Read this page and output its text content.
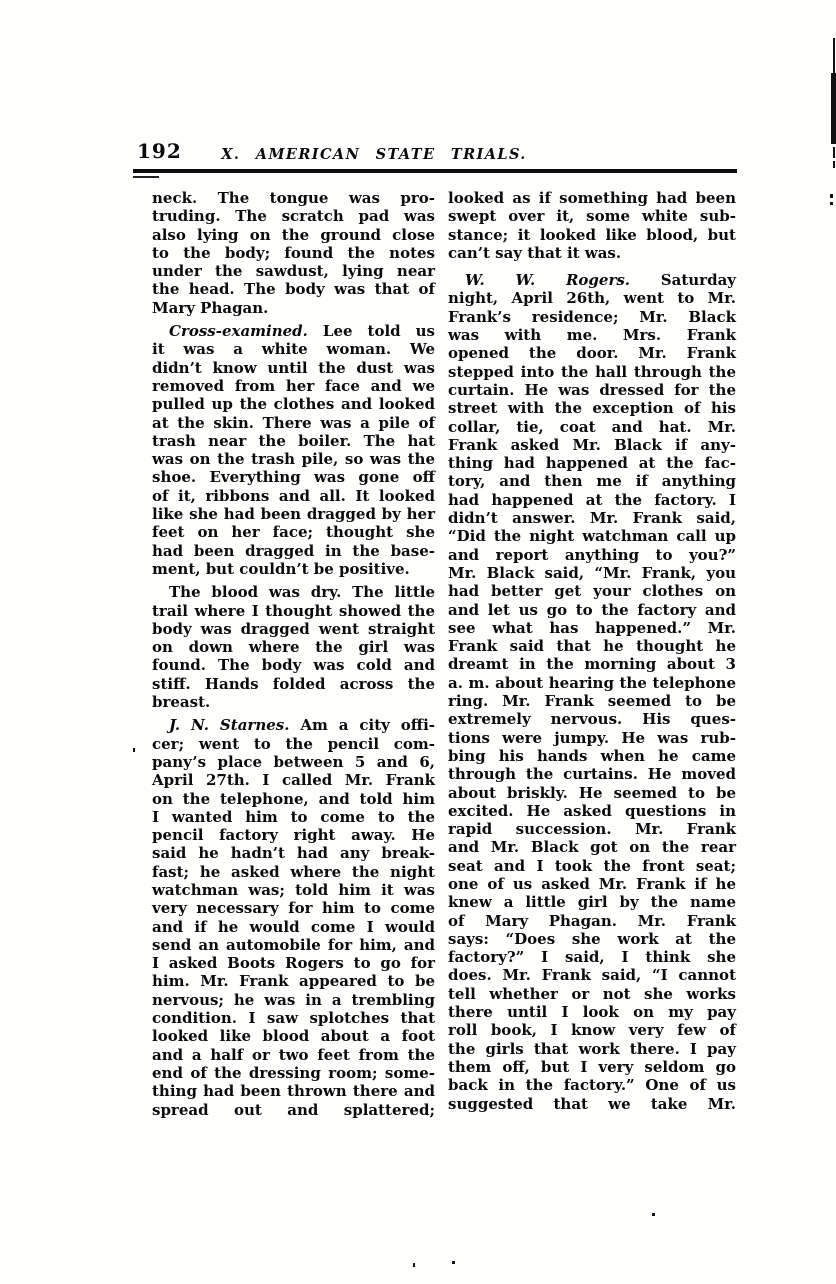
192	X. AMERICAN STATE TRIALS.
neck. The tongue was pro-
truding. The scratch pad was
also lying on the ground close
to the body; found the notes
under the sawdust, lying near
the head. The body was that of
Mary Phagan.
Cross-examined. Lee told us
it was a white woman. We
didn’t know until the dust was
removed from her face and we
pulled up the clothes and looked
at the skin. There was a pile of
trash near the boiler. The hat
was on the trash pile, so was the
shoe. Everything was gone off
of it, ribbons and all. It looked
like she had been dragged by her
feet on her face; thought she
had been dragged in the base-
ment, but couldn’t be positive.
The blood was dry. The little
trail where I thought showed the
body was dragged went straight
on down where the girl was
found. The body was cold and
stiff. Hands folded across the
breast.
J. N. Starnes. Am a city offi-
cer; went to the pencil com-
pany’s place between 5 and 6,
April 27th. I called Mr. Frank
on the telephone, and told him
I wanted him to come to the
pencil factory right away. He
said he hadn’t had any break-
fast; he asked where the night
watchman was; told him it was
very necessary for him to come
and if he would come I would
send an automobile for him, and
I asked Boots Rogers to go for
him. Mr. Frank appeared to be
nervous; he was in a trembling
condition. I saw splotches that
looked like blood about a foot
and a half or two feet from the
end of the dressing room; some-
thing had been thrown there and
spread out and splattered;
looked as if something had been
swept over it, some white sub-
stance; it looked like blood, but
can’t say that it was.
W. W. Rogers. Saturday
night, April 26th, went to Mr.
Frank’s residence; Mr. Black
was with me. Mrs. Frank
opened the door. Mr. Frank
stepped into the hall through the
curtain. He was dressed for the
street with the exception of his
collar, tie, coat and hat. Mr.
Frank asked Mr. Black if any-
thing had happened at the fac-
tory, and then me if anything
had happened at the factory. I
didn’t answer. Mr. Frank said,
“Did the night watchman call up
and report anything to you?”
Mr. Black said, “Mr. Frank, you
had better get your clothes on
and let us go to the factory and
see what has happened.” Mr.
Frank said that he thought he
dreamt in the morning about 3
a. m. about hearing the telephone
ring. Mr. Frank seemed to be
extremely nervous. His ques-
tions were jumpy. He was rub-
bing his hands when he came
through the curtains. He moved
about briskly. He seemed to be
excited. He asked questions in
rapid succession. Mr. Frank
and Mr. Black got on the rear
seat and I took the front seat;
one of us asked Mr. Frank if he
knew a little girl by the name
of Mary Phagan. Mr. Frank
says: “Does she work at the
factory?” I said, I think she
does. Mr. Frank said, “I cannot
tell whether or not she works
there until I look on my pay
roll book, I know very few of
the girls that work there. I pay
them off, but I very seldom go
back in the factory.” One of us
suggested that we take Mr.
